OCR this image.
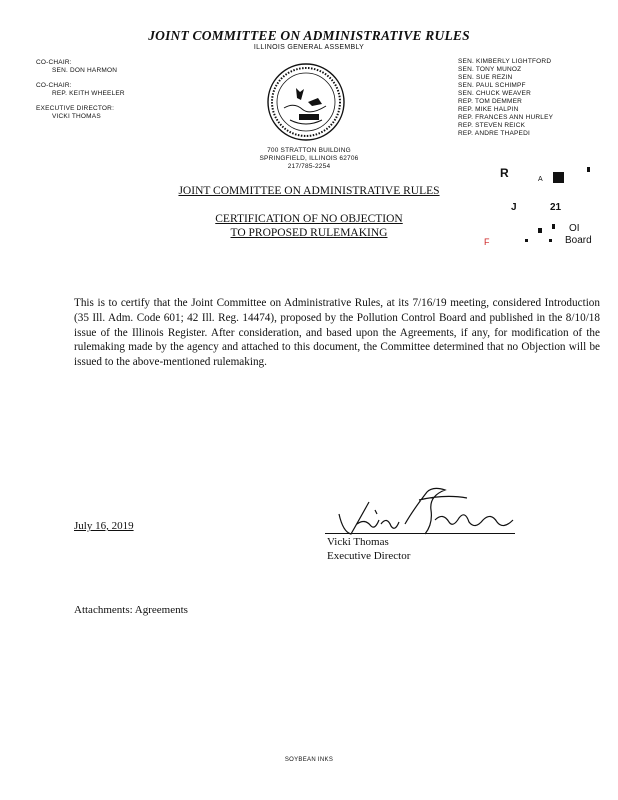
JOINT COMMITTEE ON ADMINISTRATIVE RULES
ILLINOIS GENERAL ASSEMBLY
CO-CHAIR:
SEN. DON HARMON
CO-CHAIR:
REP. KEITH WHEELER
EXECUTIVE DIRECTOR:
VICKI THOMAS
SEN. KIMBERLY LIGHTFORD
SEN. TONY MUNOZ
SEN. SUE REZIN
SEN. PAUL SCHIMPF
SEN. CHUCK WEAVER
REP. TOM DEMMER
REP. MIKE HALPIN
REP. FRANCES ANN HURLEY
REP. STEVEN REICK
REP. ANDRE THAPEDI
700 STRATTON BUILDING
SPRINGFIELD, ILLINOIS 62706
217/785-2254	R	A
J	21
OI
F	Board
JOINT COMMITTEE ON ADMINISTRATIVE RULES
CERTIFICATION OF NO OBJECTION
TO PROPOSED RULEMAKING
This is to certify that the Joint Committee on Administrative Rules, at its 7/16/19 meeting, considered Introduction (35 Ill. Adm. Code 601; 42 Ill. Reg. 14474), proposed by the Pollution Control Board and published in the 8/10/18 issue of the Illinois Register. After consideration, and based upon the Agreements, if any, for modification of the rulemaking made by the agency and attached to this document, the Committee determined that no Objection will be issued to the above-mentioned rulemaking.
July 16, 2019
Vicki Thomas
Executive Director
Attachments: Agreements
SOYBEAN INKS
